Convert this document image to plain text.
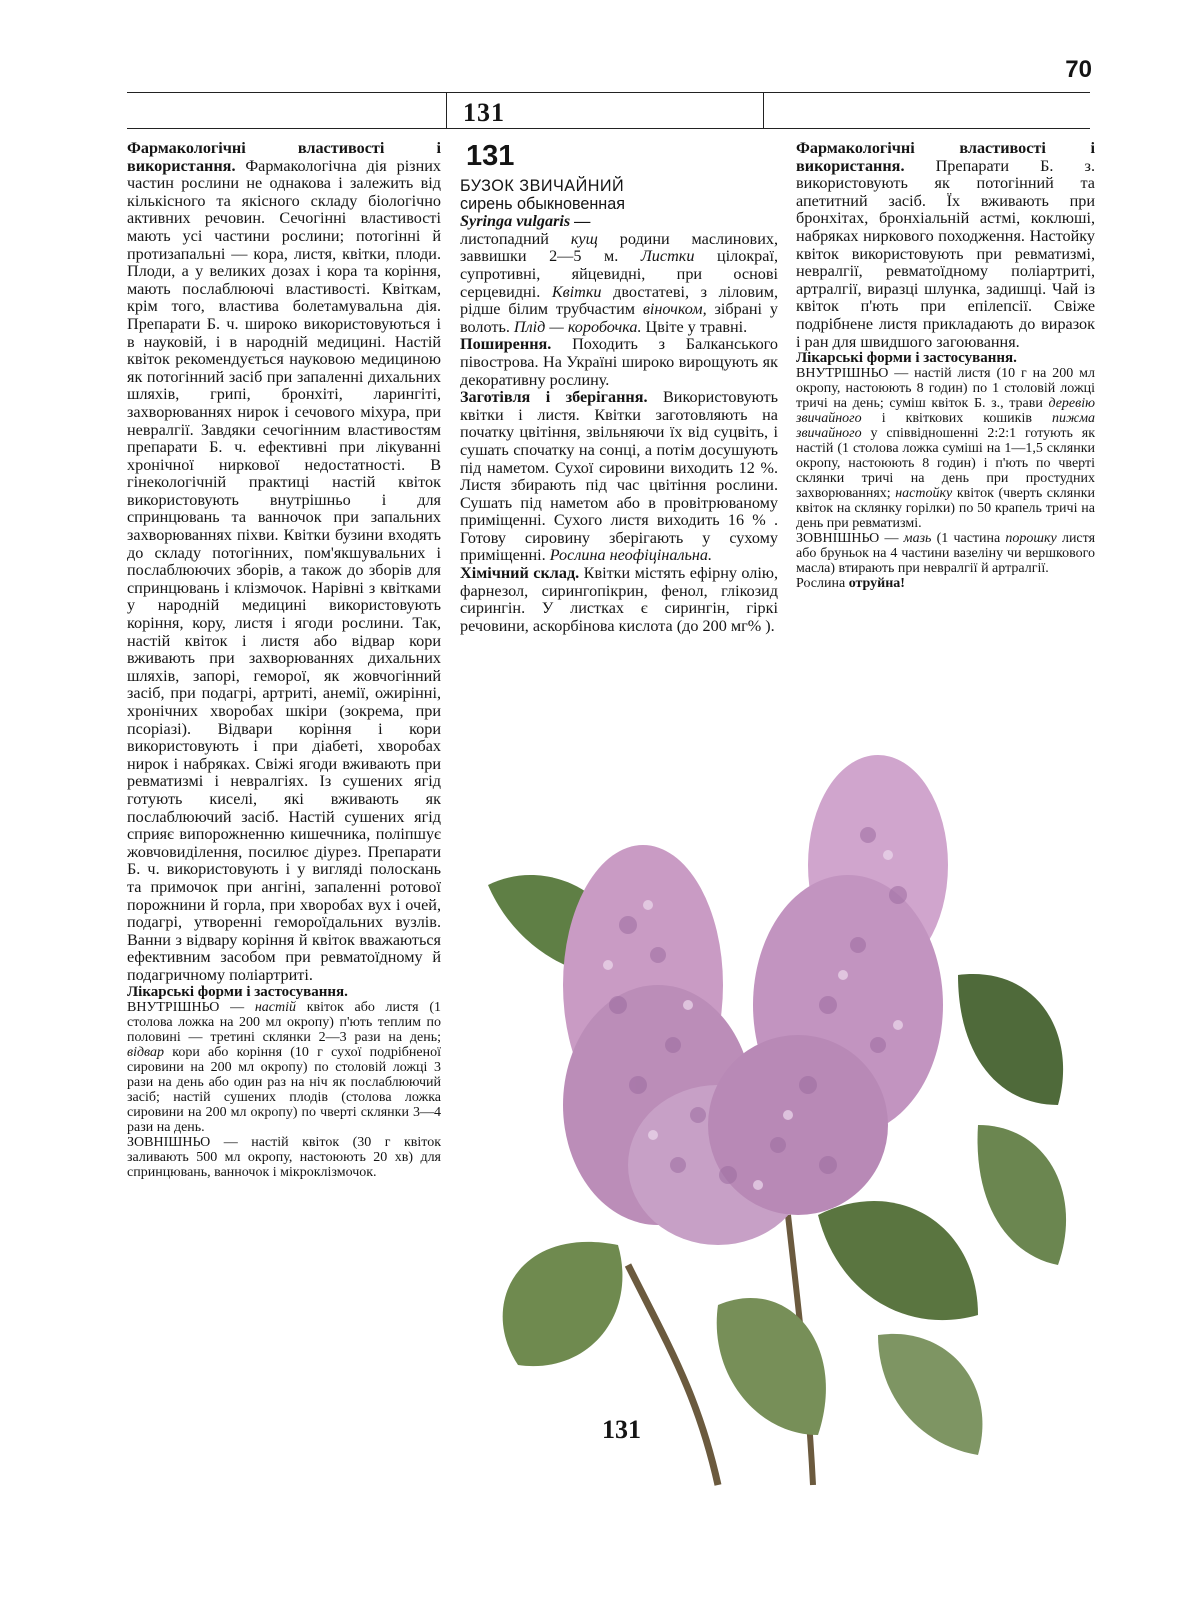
70
131

Фармакологічні властивості і використання. Фармакологічна дія різних частин рослини не однакова і залежить від кількісного та якісного складу біологічно активних речовин. Сечогінні властивості мають усі частини рослини; потогінні й протизапальні — кора, листя, квітки, плоди. Плоди, а у великих дозах і кора та коріння, мають послаблюючі властивості. Квіткам, крім того, властива болетамувальна дія. Препарати Б. ч. широко використовуються і в науковій, і в народній медицині. Настій квіток рекомендується науковою медициною як потогінний засіб при запаленні дихальних шляхів, грипі, бронхіті, ларингіті, захворюваннях нирок і сечового міхура, при невралгії. Завдяки сечогінним властивостям препарати Б. ч. ефективні при лікуванні хронічної ниркової недостатності. В гінекологічній практиці настій квіток використовують внутрішньо і для спринцювань та ванночок при запальних захворюваннях піхви. Квітки бузини входять до складу потогінних, пом'якшувальних і послаблюючих зборів, а також до зборів для спринцювань і клізмочок. Нарівні з квітками у народній медицині використовують коріння, кору, листя і ягоди рослини. Так, настій квіток і листя або відвар кори вживають при захворюваннях дихальних шляхів, запорі, геморої, як жовчогінний засіб, при подагрі, артриті, анемії, ожирінні, хронічних хворобах шкіри (зокрема, при псоріазі). Відвари коріння і кори використовують і при діабеті, хворобах нирок і набряках. Свіжі ягоди вживають при ревматизмі і невралгіях. Із сушених ягід готують киселі, які вживають як послаблюючий засіб. Настій сушених ягід сприяє випорожненню кишечника, поліпшує жовчовиділення, посилює діурез. Препарати Б. ч. використовують і у вигляді полоскань та примочок при ангіні, запаленні ротової порожнини й горла, при хворобах вух і очей, подагрі, утворенні гемороїдальних вузлів. Ванни з відвару коріння й квіток вважаються ефективним засобом при ревматоїдному й подагричному поліартриті.

Лікарські форми і застосування.

ВНУТРІШНЬО — настій квіток або листя (1 столова ложка на 200 мл окропу) п'ють теплим по половині — третині склянки 2—3 рази на день; відвар кори або коріння (10 г сухої подрібненої сировини на 200 мл окропу) по столовій ложці 3 рази на день або один раз на ніч як послаблюючий засіб; настій сушених плодів (столова ложка сировини на 200 мл окропу) по чверті склянки 3—4 рази на день.

ЗОВНІШНЬО — настій квіток (30 г квіток заливають 500 мл окропу, настоюють 20 хв) для спринцювань, ванночок і мікроклізмочок.

131

БУЗОК ЗВИЧАЙНИЙ

сирень обыкновенная

Syringa vulgaris —

листопадний кущ родини маслинових, заввишки 2—5 м. Листки цілокраї, супротивні, яйцевидні, при основі серцевидні. Квітки двостатеві, з ліловим, рідше білим трубчастим віночком, зібрані у волоть. Плід — коробочка. Цвіте у травні.

Поширення. Походить з Балканського півострова. На Україні широко вирощують як декоративну рослину.

Заготівля і зберігання. Використовують квітки і листя. Квітки заготовляють на початку цвітіння, звільняючи їх від суцвіть, і сушать спочатку на сонці, а потім досушують під наметом. Сухої сировини виходить 12 %. Листя збирають під час цвітіння рослини. Сушать під наметом або в провітрюваному приміщенні. Сухого листя виходить 16 % . Готову сировину зберігають у сухому приміщенні. Рослина неофіцінальна.

Хімічний склад. Квітки містять ефірну олію, фарнезол, сирингопікрин, фенол, глікозид сирингін. У листках є сирингін, гіркі речовини, аскорбінова кислота (до 200 мг% ).

Фармакологічні властивості і використання. Препарати Б. з. використовують як потогінний та апетитний засіб. Їх вживають при бронхітах, бронхіальній астмі, коклюші, набряках ниркового походження. Настойку квіток використовують при ревматизмі, невралгії, ревматоїдному поліартриті, артралгії, виразці шлунка, задишці. Чай із квіток п'ють при епілепсії. Свіже подрібнене листя прикладають до виразок і ран для швидшого загоювання.

Лікарські форми і застосування.

ВНУТРІШНЬО — настій листя (10 г на 200 мл окропу, настоюють 8 годин) по 1 столовій ложці тричі на день; суміш квіток Б. з., трави деревію звичайного і квіткових кошиків пижма звичайного у співвідношенні 2:2:1 готують як настій (1 столова ложка суміші на 1—1,5 склянки окропу, настоюють 8 годин) і п'ють по чверті склянки тричі на день при простудних захворюваннях; настойку квіток (чверть склянки квіток на склянку горілки) по 50 крапель тричі на день при ревматизмі.

ЗОВНІШНЬО — мазь (1 частина порошку листя або бруньок на 4 частини вазеліну чи вершкового масла) втирають при невралгії й артралгії.

Рослина отруйна!

131
